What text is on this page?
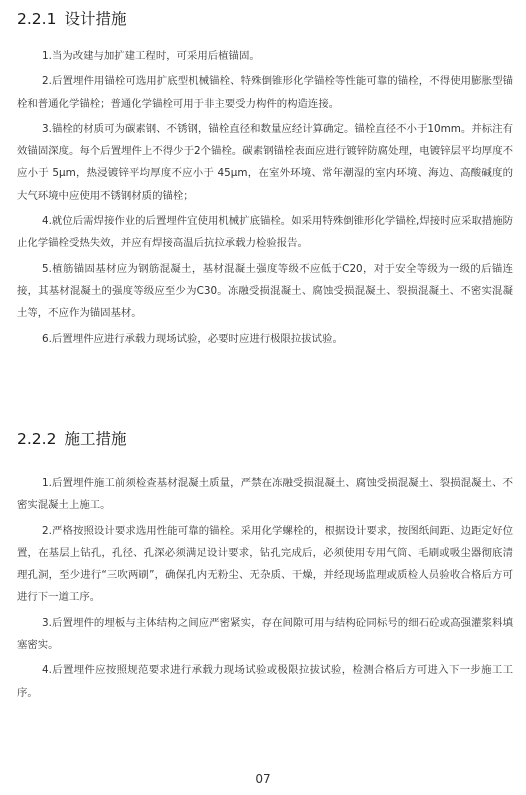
2.2.1 设计措施

1.当为改建与加扩建工程时，可采用后植锚固。

2.后置埋件用锚栓可选用扩底型机械锚栓、特殊倒锥形化学锚栓等性能可靠的锚栓，不得使用膨胀型锚栓和普通化学锚栓；普通化学锚栓可用于非主要受力构件的构造连接。

3.锚栓的材质可为碳素钢、不锈钢，锚栓直径和数量应经计算确定。锚栓直径不小于10mm。并标注有效锚固深度。每个后置埋件上不得少于2个锚栓。碳素钢锚栓表面应进行镀锌防腐处理，电镀锌层平均厚度不应小于 5μm，热浸镀锌平均厚度不应小于 45μm，在室外环境、常年潮湿的室内环境、海边、高酸碱度的大气环境中应使用不锈钢材质的锚栓；

4.就位后需焊接作业的后置埋件宜使用机械扩底锚栓。如采用特殊倒锥形化学锚栓,焊接时应采取措施防止化学锚栓受热失效，并应有焊接高温后抗拉承载力检验报告。

5.植筋锚固基材应为钢筋混凝土，基材混凝土强度等级不应低于C20，对于安全等级为一级的后锚连接，其基材混凝土的强度等级应至少为C30。冻融受损混凝土、腐蚀受损混凝土、裂损混凝土、不密实混凝土等，不应作为锚固基材。

6.后置埋件应进行承载力现场试验，必要时应进行极限拉拔试验。

2.2.2 施工措施

1.后置埋件施工前须检查基材混凝土质量，严禁在冻融受损混凝土、腐蚀受损混凝土、裂损混凝土、不密实混凝土上施工。

2.严格按照设计要求选用性能可靠的锚栓。采用化学螺栓的，根据设计要求，按图纸间距、边距定好位置，在基层上钻孔，孔径、孔深必须满足设计要求，钻孔完成后，必须使用专用气筒、毛刷或吸尘器彻底清理孔洞，至少进行“三吹两刷”，确保孔内无粉尘、无杂质、干燥，并经现场监理或质检人员验收合格后方可进行下一道工序。

3.后置埋件的埋板与主体结构之间应严密紧实，存在间隙可用与结构砼同标号的细石砼或高强灌浆料填塞密实。

4.后置埋件应按照规范要求进行承载力现场试验或极限拉拔试验，检测合格后方可进入下一步施工工序。

07
